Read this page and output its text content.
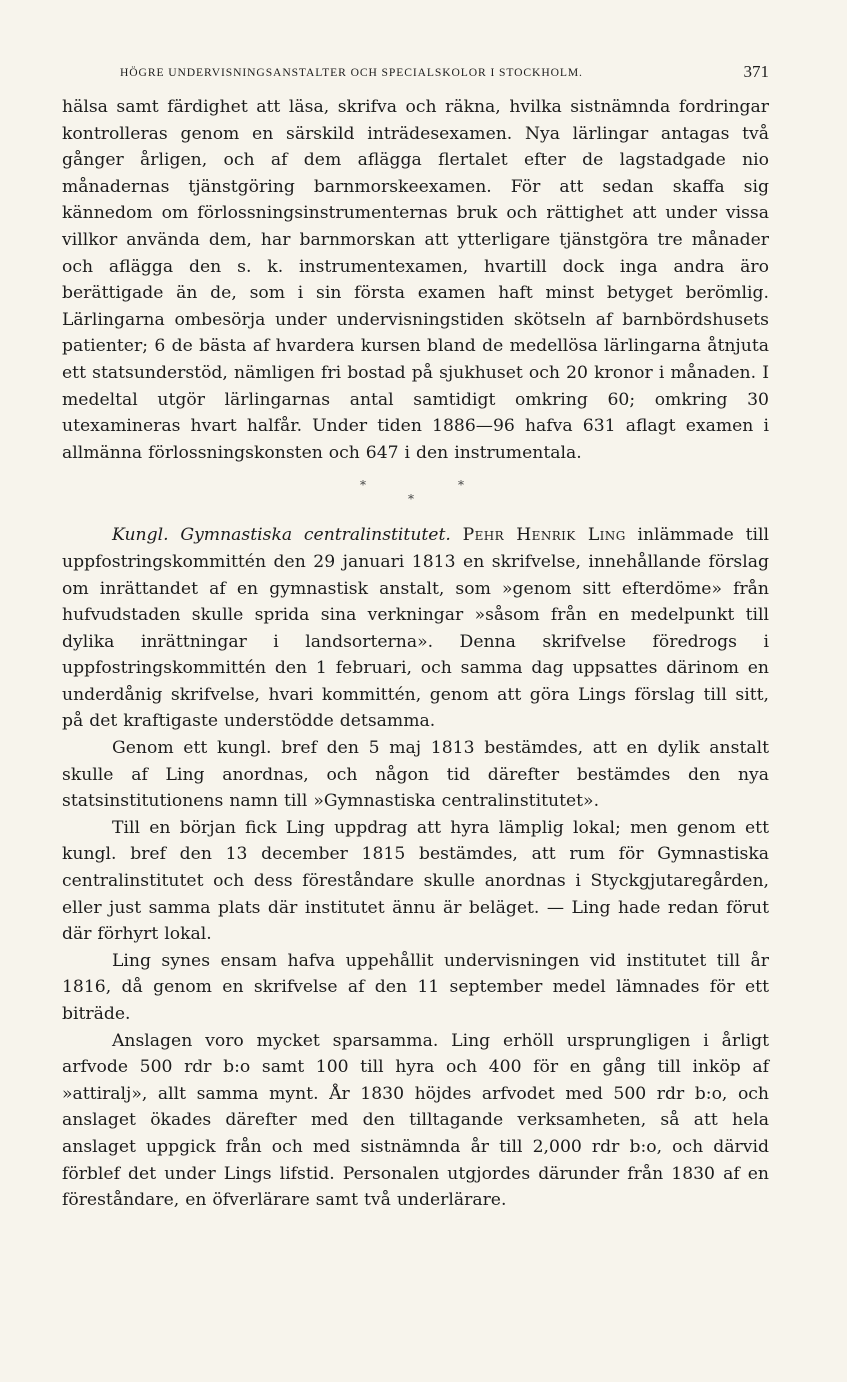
HÖGRE UNDERVISNINGSANSTALTER OCH SPECIALSKOLOR I STOCKHOLM.	371

hälsa samt färdighet att läsa, skrifva och räkna, hvilka sistnämnda fordringar kontrolleras genom en särskild inträdesexamen. Nya lärlingar antagas två gånger årligen, och af dem aflägga flertalet efter de lagstadgade nio månadernas tjänstgöring barnmorskeexamen. För att sedan skaffa sig kännedom om förlossningsinstrumenternas bruk och rättighet att under vissa villkor använda dem, har barnmorskan att ytterligare tjänstgöra tre månader och aflägga den s. k. instrumentexamen, hvartill dock inga andra äro berättigade än de, som i sin första examen haft minst betyget berömlig. Lärlingarna ombesörja under undervisningstiden skötseln af barnbördshusets patienter; 6 de bästa af hvardera kursen bland de medellösa lärlingarna åtnjuta ett statsunderstöd, nämligen fri bostad på sjukhuset och 20 kronor i månaden. I medeltal utgör lärlingarnas antal samtidigt omkring 60; omkring 30 utexamineras hvart halfår. Under tiden 1886—96 hafva 631 aflagt examen i allmänna förlossningskonsten och 647 i den instrumentala.

*	*
*

Kungl. Gymnastiska centralinstitutet. Pehr Henrik Ling inlämmade till uppfostringskommittén den 29 januari 1813 en skrifvelse, innehållande förslag om inrättandet af en gymnastisk anstalt, som »genom sitt efterdöme» från hufvudstaden skulle sprida sina verkningar »såsom från en medelpunkt till dylika inrättningar i landsorterna». Denna skrifvelse föredrogs i uppfostringskommittén den 1 februari, och samma dag uppsattes därinom en underdånig skrifvelse, hvari kommittén, genom att göra Lings förslag till sitt, på det kraftigaste understödde detsamma.

Genom ett kungl. bref den 5 maj 1813 bestämdes, att en dylik anstalt skulle af Ling anordnas, och någon tid därefter bestämdes den nya statsinstitutionens namn till »Gymnastiska centralinstitutet».

Till en början fick Ling uppdrag att hyra lämplig lokal; men genom ett kungl. bref den 13 december 1815 bestämdes, att rum för Gymnastiska centralinstitutet och dess föreståndare skulle anordnas i Styckgjutaregården, eller just samma plats där institutet ännu är beläget. — Ling hade redan förut där förhyrt lokal.

Ling synes ensam hafva uppehållit undervisningen vid institutet till år 1816, då genom en skrifvelse af den 11 september medel lämnades för ett biträde.

Anslagen voro mycket sparsamma. Ling erhöll ursprungligen i årligt arfvode 500 rdr b:o samt 100 till hyra och 400 för en gång till inköp af »attiralj», allt samma mynt. År 1830 höjdes arfvodet med 500 rdr b:o, och anslaget ökades därefter med den tilltagande verksamheten, så att hela anslaget uppgick från och med sistnämnda år till 2,000 rdr b:o, och därvid förblef det under Lings lifstid. Personalen utgjordes därunder från 1830 af en föreståndare, en öfverlärare samt två underlärare.
